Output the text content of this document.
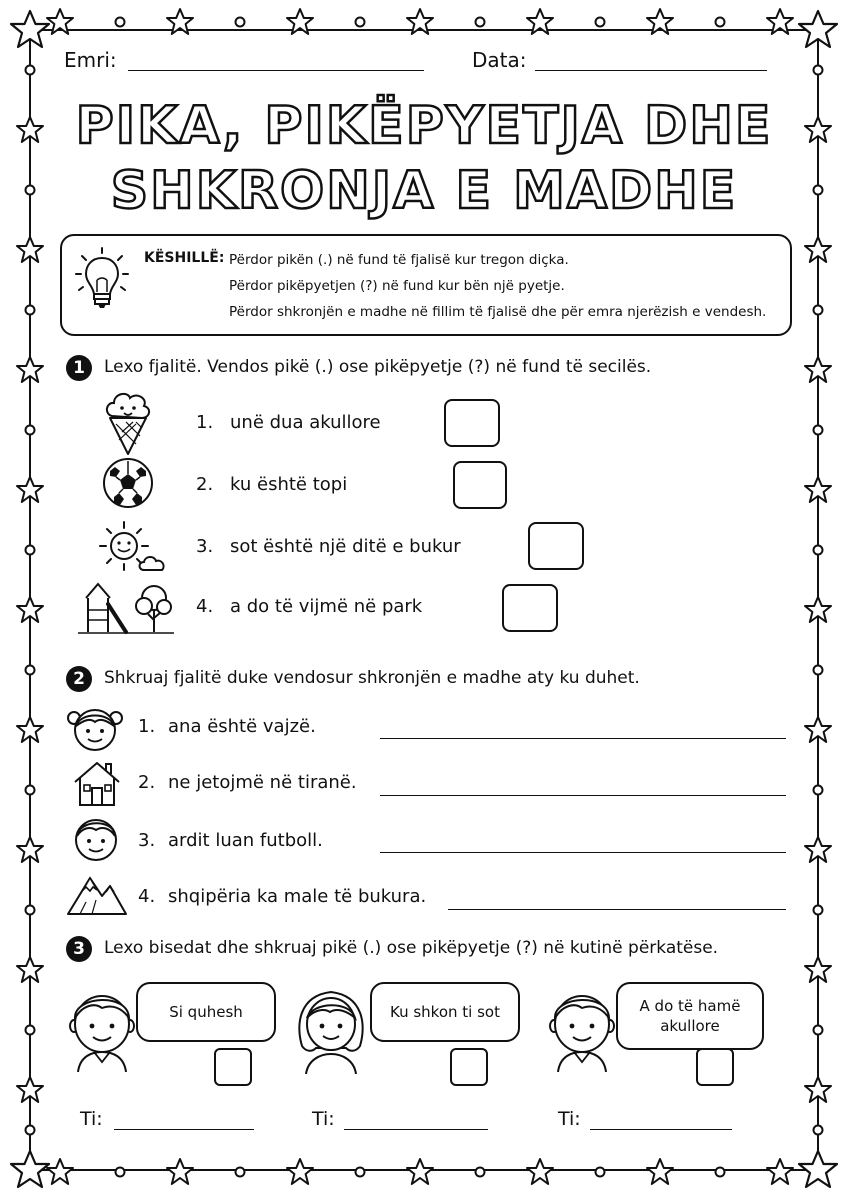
Emri:	Data:
PIKA, PIKËPYETJA DHE
SHKRONJA E MADHE
KËSHILLË: Përdor pikën (.) në fund të fjalisë kur tregon diçka.
Përdor pikëpyetjen (?) në fund kur bën një pyetje.
Përdor shkronjën e madhe në fillim të fjalisë dhe për emra njerëzish e vendesh.
1	Lexo fjalitë. Vendos pikë (.) ose pikëpyetje (?) në fund të secilës.
1. unë dua akullore
2. ku është topi
3. sot është një ditë e bukur
4. a do të vijmë në park
2	Shkruaj fjalitë duke vendosur shkronjën e madhe aty ku duhet.
1. ana është vajzë.
2. ne jetojmë në tiranë.
3. ardit luan futboll.
4. shqipëria ka male të bukura.
3	Lexo bisedat dhe shkruaj pikë (.) ose pikëpyetje (?) në kutinë përkatëse.
Si quhesh
Ti:
Ku shkon ti sot
Ti:
A do të hamë
akullore
Ti:
